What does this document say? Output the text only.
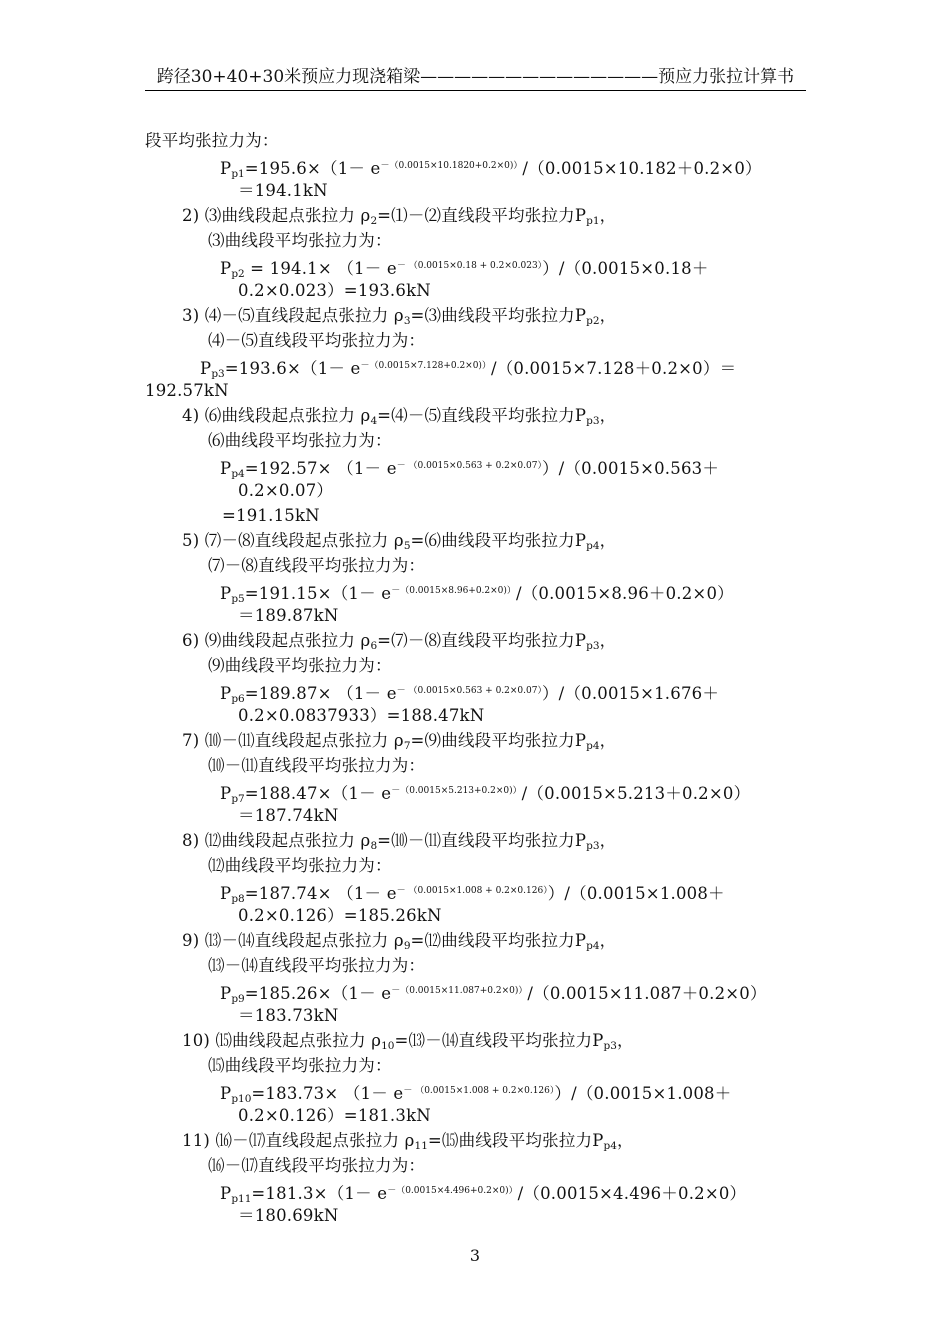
跨径30+40+30米预应力现浇箱梁——————————————预应力张拉计算书
段平均张拉力为：
$P_{p1}=195.6\times(1- e^{-(0.0015\times 10.1820+0.2\times 0))}/(0.0015\times 10.182+0.2\times 0)$
＝194.1kN
2) ⑶曲线段起点张拉力 $\rho_2=⑴-⑵$直线段平均张拉力$P_{p1}$，
⑶曲线段平均张拉力为：
$P_{p2} = 194.1\times (1- e^{- (0.0015\times 0.18 + 0.2\times 0.023)})/(0.0015\times 0.18+$
0.2×0.023）=193.6kN
3) ⑷－⑸直线段起点张拉力 $\rho_3=⑶$曲线段平均张拉力$P_{p2}$，
⑷－⑸直线段平均张拉力为：
$P_{p3}=193.6\times(1- e^{-(0.0015\times 7.128+0.2\times 0))}/(0.0015\times 7.128+0.2\times 0)=$
192.57kN
4) ⑹曲线段起点张拉力 $\rho_4=⑷-⑸$直线段平均张拉力$P_{p3}$，
⑹曲线段平均张拉力为：
$P_{p4}=192.57\times (1- e^{- (0.0015\times 0.563 + 0.2\times 0.07)})/(0.0015\times 0.563+$
0.2×0.07）
=191.15kN
5) ⑺－⑻直线段起点张拉力 $\rho_5=⑹$曲线段平均张拉力$P_{p4}$，
⑺－⑻直线段平均张拉力为：
$P_{p5}=191.15\times(1- e^{-(0.0015\times 8.96+0.2\times 0))}/(0.0015\times 8.96+0.2\times 0)$
＝189.87kN
6) ⑼曲线段起点张拉力 $\rho_6=⑺-⑻$直线段平均张拉力$P_{p3}$，
⑼曲线段平均张拉力为：
$P_{p6}=189.87\times (1- e^{- (0.0015\times 0.563 + 0.2\times 0.07)})/(0.0015\times 1.676+$
0.2×0.0837933）=188.47kN
7) ⑽－⑾直线段起点张拉力 $\rho_7=⑼$曲线段平均张拉力$P_{p4}$，
⑽－⑾直线段平均张拉力为：
$P_{p7}=188.47\times(1- e^{-(0.0015\times 5.213+0.2\times 0))}/(0.0015\times 5.213+0.2\times 0)$
＝187.74kN
8) ⑿曲线段起点张拉力 $\rho_8=⑽-⑾$直线段平均张拉力$P_{p3}$，
⑿曲线段平均张拉力为：
$P_{p8}=187.74\times (1- e^{- (0.0015\times 1.008 + 0.2\times 0.126)})/(0.0015\times 1.008+$
0.2×0.126）=185.26kN
9) ⒀－⒁直线段起点张拉力 $\rho_9=⑿$曲线段平均张拉力$P_{p4}$，
⒀－⒁直线段平均张拉力为：
$P_{p9}=185.26\times(1- e^{-(0.0015\times 11.087+0.2\times 0))}/(0.0015\times 11.087+0.2\times 0)$
＝183.73kN
10) ⒂曲线段起点张拉力 $\rho_{10}=⒀-⒁$直线段平均张拉力$P_{p3}$，
⒂曲线段平均张拉力为：
$P_{p10}=183.73\times (1- e^{- (0.0015\times 1.008 + 0.2\times 0.126)})/(0.0015\times 1.008+$
0.2×0.126）=181.3kN
11) ⒃－⒄直线段起点张拉力 $\rho_{11}=⒂$曲线段平均张拉力$P_{p4}$，
⒃－⒄直线段平均张拉力为：
$P_{p11}=181.3\times(1- e^{-(0.0015\times 4.496+0.2\times 0))}/(0.0015\times 4.496+0.2\times 0)$
＝180.69kN
3
